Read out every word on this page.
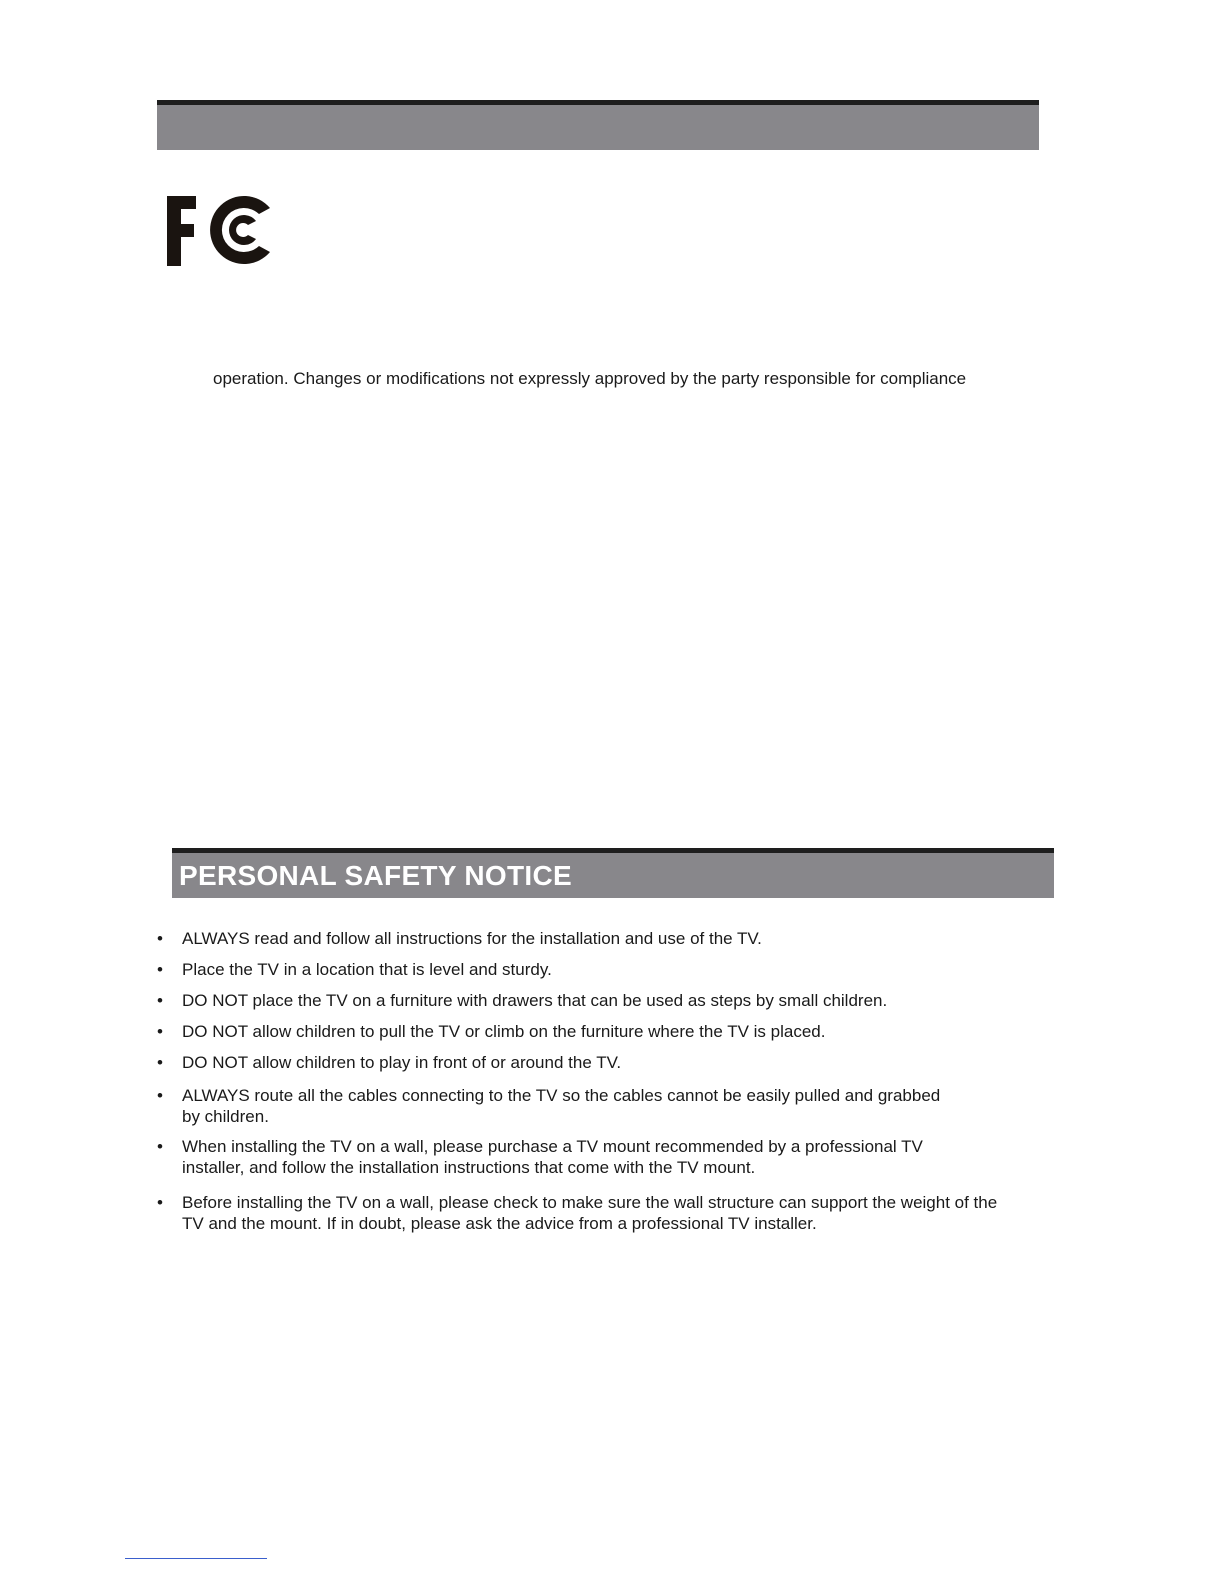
operation. Changes or modifications not expressly approved by the party responsible for compliance
PERSONAL SAFETY NOTICE
• ALWAYS read and follow all instructions for the installation and use of the TV.
• Place the TV in a location that is level and sturdy.
• DO NOT place the TV on a furniture with drawers that can be used as steps by small children.
• DO NOT allow children to pull the TV or climb on the furniture where the TV is placed.
• DO NOT allow children to play in front of or around the TV.
• ALWAYS route all the cables connecting to the TV so the cables cannot be easily pulled and grabbed by children.
• When installing the TV on a wall, please purchase a TV mount recommended by a professional TV installer, and follow the installation instructions that come with the TV mount.
• Before installing the TV on a wall, please check to make sure the wall structure can support the weight of the TV and the mount. If in doubt, please ask the advice from a professional TV installer.
